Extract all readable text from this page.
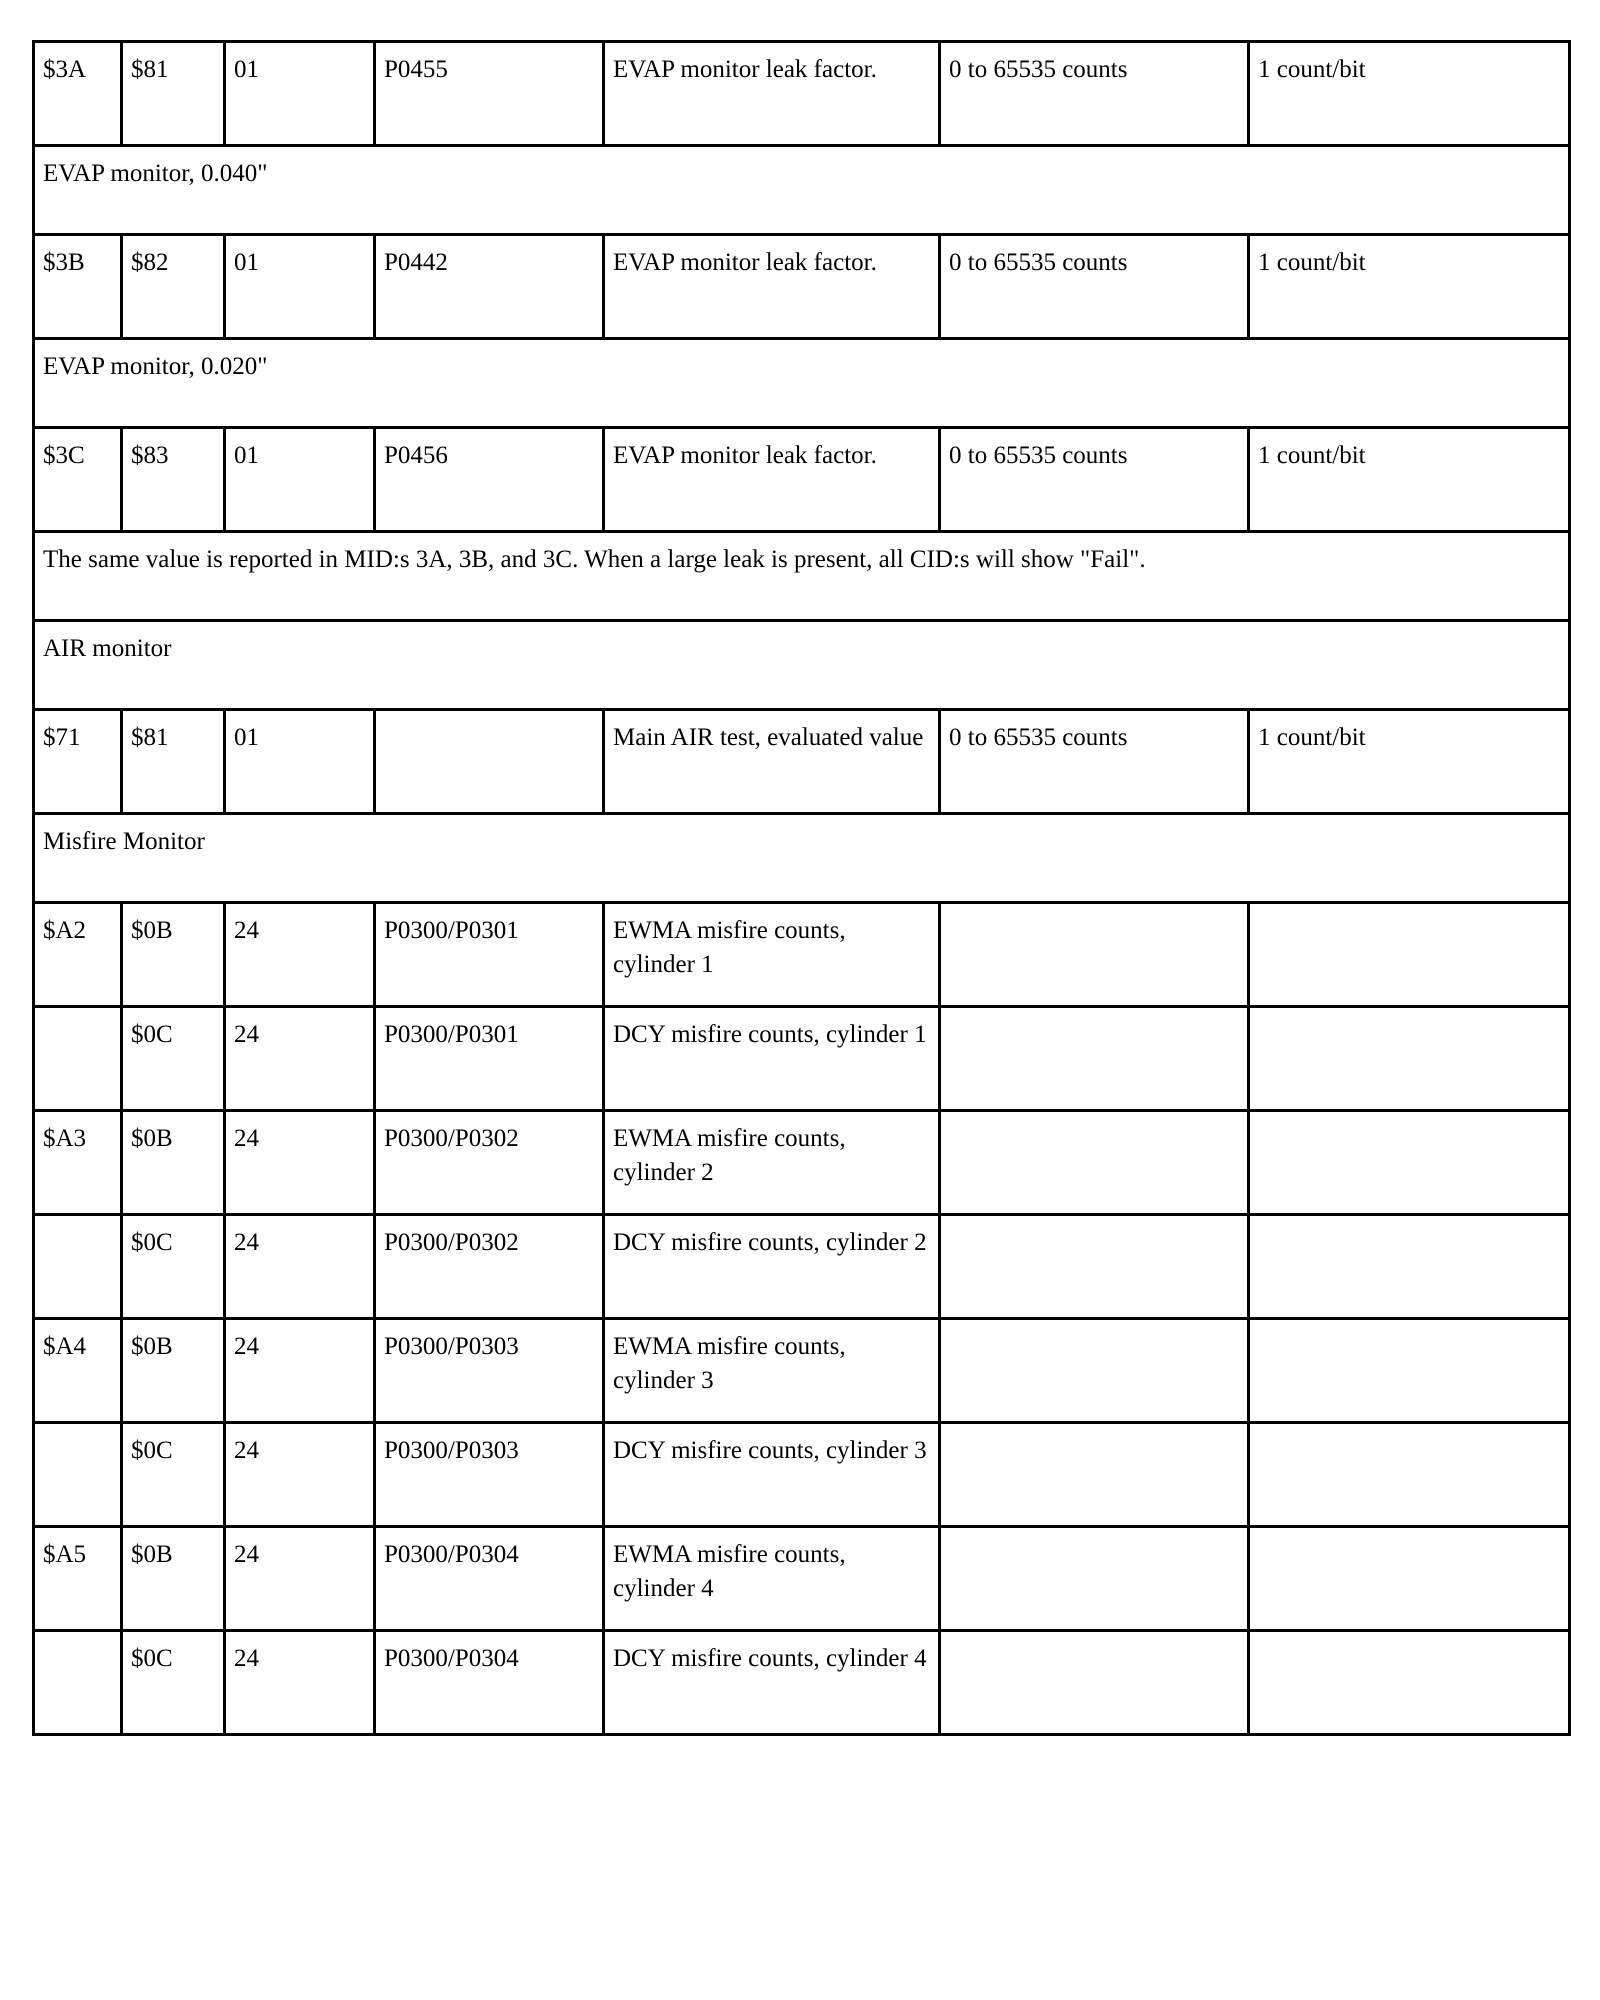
$3A	$81	01	P0455	EVAP monitor leak factor.	0 to 65535 counts	1 count/bit
EVAP monitor, 0.040"						
$3B	$82	01	P0442	EVAP monitor leak factor.	0 to 65535 counts	1 count/bit
EVAP monitor, 0.020"						
$3C	$83	01	P0456	EVAP monitor leak factor.	0 to 65535 counts	1 count/bit
The same value is reported in MID:s 3A, 3B, and 3C. When a large leak is present, all CID:s will show "Fail".						
AIR monitor						
$71	$81	01		Main AIR test, evaluated value	0 to 65535 counts	1 count/bit
Misfire Monitor						
$A2	$0B	24	P0300/P0301	EWMA misfire counts, cylinder 1		
	$0C	24	P0300/P0301	DCY misfire counts, cylinder 1		
$A3	$0B	24	P0300/P0302	EWMA misfire counts, cylinder 2		
	$0C	24	P0300/P0302	DCY misfire counts, cylinder 2		
$A4	$0B	24	P0300/P0303	EWMA misfire counts, cylinder 3		
	$0C	24	P0300/P0303	DCY misfire counts, cylinder 3		
$A5	$0B	24	P0300/P0304	EWMA misfire counts, cylinder 4		
	$0C	24	P0300/P0304	DCY misfire counts, cylinder 4		
